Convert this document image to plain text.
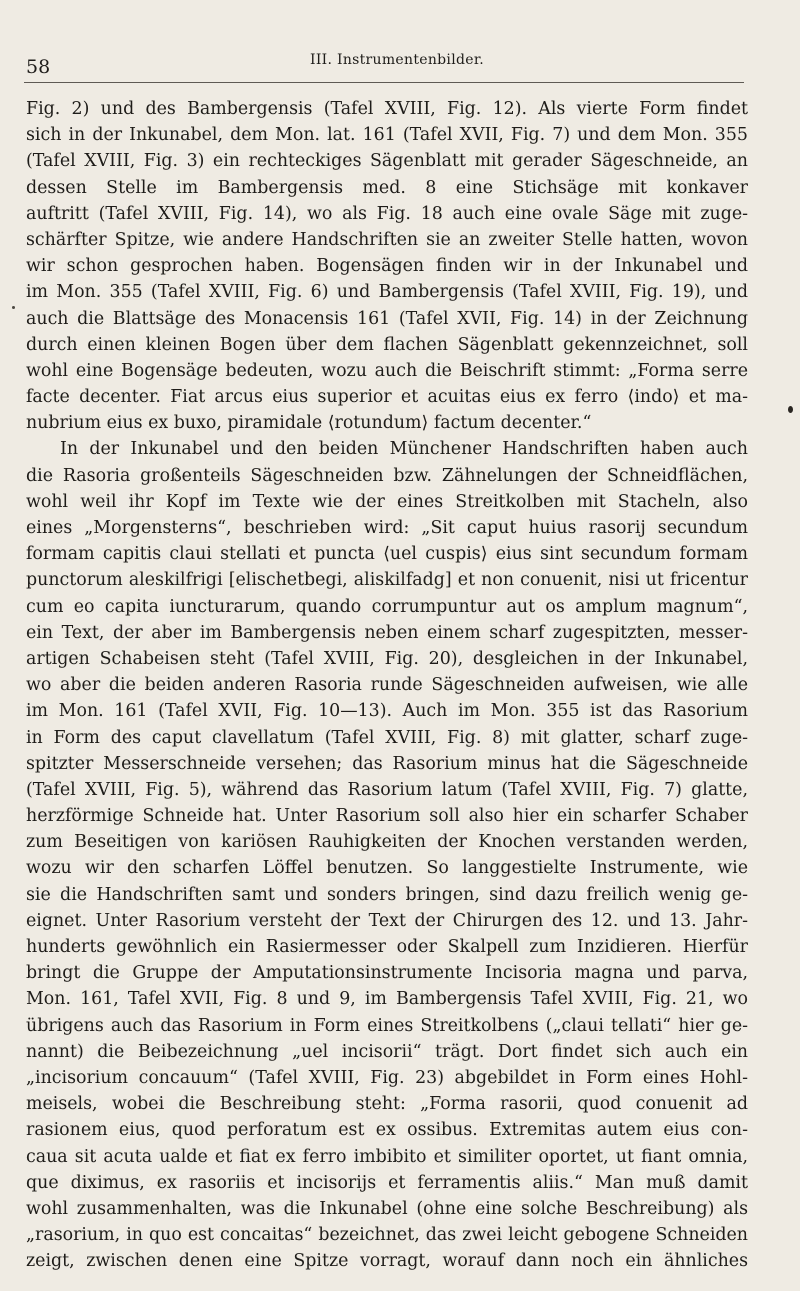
58	III. Instrumentenbilder.
Fig. 2) und des Bambergensis (Tafel XVIII, Fig. 12). Als vierte Form findet
sich in der Inkunabel, dem Mon. lat. 161 (Tafel XVII, Fig. 7) und dem Mon. 355
(Tafel XVIII, Fig. 3) ein rechteckiges Sägenblatt mit gerader Sägeschneide, an
dessen Stelle im Bambergensis med. 8 eine Stichsäge mit konkaver
auftritt (Tafel XVIII, Fig. 14), wo als Fig. 18 auch eine ovale Säge mit zuge-
schärfter Spitze, wie andere Handschriften sie an zweiter Stelle hatten, wovon
wir schon gesprochen haben. Bogensägen finden wir in der Inkunabel und
im Mon. 355 (Tafel XVIII, Fig. 6) und Bambergensis (Tafel XVIII, Fig. 19), und
auch die Blattsäge des Monacensis 161 (Tafel XVII, Fig. 14) in der Zeichnung
durch einen kleinen Bogen über dem flachen Sägenblatt gekennzeichnet, soll
wohl eine Bogensäge bedeuten, wozu auch die Beischrift stimmt: „Forma serre
facte decenter. Fiat arcus eius superior et acuitas eius ex ferro ⟨indo⟩ et ma-
nubrium eius ex buxo, piramidale ⟨rotundum⟩ factum decenter.“
In der Inkunabel und den beiden Münchener Handschriften haben auch
die Rasoria großenteils Sägeschneiden bzw. Zähnelungen der Schneidflächen,
wohl weil ihr Kopf im Texte wie der eines Streitkolben mit Stacheln, also
eines „Morgensterns“, beschrieben wird: „Sit caput huius rasorij secundum
formam capitis claui stellati et puncta ⟨uel cuspis⟩ eius sint secundum formam
punctorum aleskilfrigi [elischetbegi, aliskilfadg] et non conuenit, nisi ut fricentur
cum eo capita iuncturarum, quando corrumpuntur aut os amplum magnum“,
ein Text, der aber im Bambergensis neben einem scharf zugespitzten, messer-
artigen Schabeisen steht (Tafel XVIII, Fig. 20), desgleichen in der Inkunabel,
wo aber die beiden anderen Rasoria runde Sägeschneiden aufweisen, wie alle
im Mon. 161 (Tafel XVII, Fig. 10—13). Auch im Mon. 355 ist das Rasorium
in Form des caput clavellatum (Tafel XVIII, Fig. 8) mit glatter, scharf zuge-
spitzter Messerschneide versehen; das Rasorium minus hat die Sägeschneide
(Tafel XVIII, Fig. 5), während das Rasorium latum (Tafel XVIII, Fig. 7) glatte,
herzförmige Schneide hat. Unter Rasorium soll also hier ein scharfer Schaber
zum Beseitigen von kariösen Rauhigkeiten der Knochen verstanden werden,
wozu wir den scharfen Löffel benutzen. So langgestielte Instrumente, wie
sie die Handschriften samt und sonders bringen, sind dazu freilich wenig ge-
eignet. Unter Rasorium versteht der Text der Chirurgen des 12. und 13. Jahr-
hunderts gewöhnlich ein Rasiermesser oder Skalpell zum Inzidieren. Hierfür
bringt die Gruppe der Amputationsinstrumente Incisoria magna und parva,
Mon. 161, Tafel XVII, Fig. 8 und 9, im Bambergensis Tafel XVIII, Fig. 21, wo
übrigens auch das Rasorium in Form eines Streitkolbens („claui tellati“ hier ge-
nannt) die Beibezeichnung „uel incisorii“ trägt. Dort findet sich auch ein
„incisorium concauum“ (Tafel XVIII, Fig. 23) abgebildet in Form eines Hohl-
meisels, wobei die Beschreibung steht: „Forma rasorii, quod conuenit ad
rasionem eius, quod perforatum est ex ossibus. Extremitas autem eius con-
caua sit acuta ualde et fiat ex ferro imbibito et similiter oportet, ut fiant omnia,
que diximus, ex rasoriis et incisorijs et ferramentis aliis.“ Man muß damit
wohl zusammenhalten, was die Inkunabel (ohne eine solche Beschreibung) als
„rasorium, in quo est concaitas“ bezeichnet, das zwei leicht gebogene Schneiden
zeigt, zwischen denen eine Spitze vorragt, worauf dann noch ein ähnliches
